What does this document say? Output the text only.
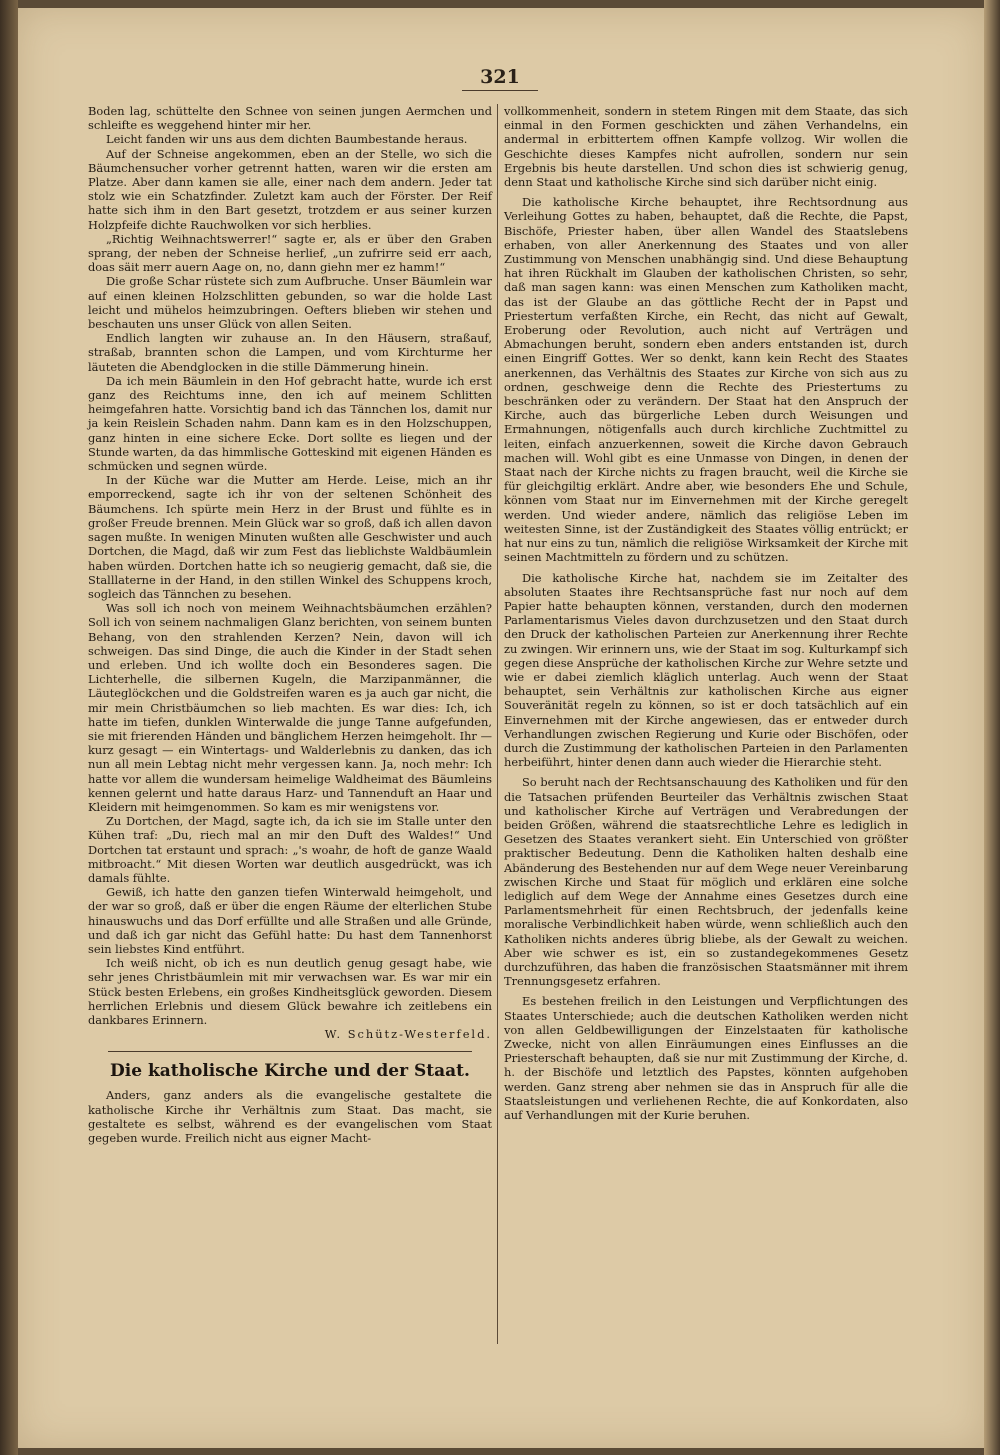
321

Boden lag, schüttelte den Schnee von seinen jungen Aermchen und schleifte es weggehend hinter mir her.

Leicht fanden wir uns aus dem dichten Baumbestande heraus.

Auf der Schneise angekommen, eben an der Stelle, wo sich die Bäumchensucher vorher getrennt hatten, waren wir die ersten am Platze. Aber dann kamen sie alle, einer nach dem andern. Jeder tat stolz wie ein Schatzfinder. Zuletzt kam auch der Förster. Der Reif hatte sich ihm in den Bart gesetzt, trotzdem er aus seiner kurzen Holzpfeife dichte Rauchwolken vor sich herblies.

„Richtig Weihnachtswerrer!“ sagte er, als er über den Graben sprang, der neben der Schneise herlief, „un zufrirre seid err aach, doas säit merr auern Aage on, no, dann giehn mer ez hamm!“

Die große Schar rüstete sich zum Aufbruche. Unser Bäumlein war auf einen kleinen Holzschlitten gebunden, so war die holde Last leicht und mühelos heimzubringen. Oefters blieben wir stehen und beschauten uns unser Glück von allen Seiten.

Endlich langten wir zuhause an. In den Häusern, straßauf, straßab, brannten schon die Lampen, und vom Kirchturme her läuteten die Abendglocken in die stille Dämmerung hinein.

Da ich mein Bäumlein in den Hof gebracht hatte, wurde ich erst ganz des Reichtums inne, den ich auf meinem Schlitten heimgefahren hatte. Vorsichtig band ich das Tännchen los, damit nur ja kein Reislein Schaden nahm. Dann kam es in den Holzschuppen, ganz hinten in eine sichere Ecke. Dort sollte es liegen und der Stunde warten, da das himmlische Gotteskind mit eigenen Händen es schmücken und segnen würde.

In der Küche war die Mutter am Herde. Leise, mich an ihr emporreckend, sagte ich ihr von der seltenen Schönheit des Bäumchens. Ich spürte mein Herz in der Brust und fühlte es in großer Freude brennen. Mein Glück war so groß, daß ich allen davon sagen mußte. In wenigen Minuten wußten alle Geschwister und auch Dortchen, die Magd, daß wir zum Fest das lieblichste Waldbäumlein haben würden. Dortchen hatte ich so neugierig gemacht, daß sie, die Stalllaterne in der Hand, in den stillen Winkel des Schuppens kroch, sogleich das Tännchen zu besehen.

Was soll ich noch von meinem Weihnachtsbäumchen erzählen? Soll ich von seinem nachmaligen Glanz berichten, von seinem bunten Behang, von den strahlenden Kerzen? Nein, davon will ich schweigen. Das sind Dinge, die auch die Kinder in der Stadt sehen und erleben. Und ich wollte doch ein Besonderes sagen. Die Lichterhelle, die silbernen Kugeln, die Marzipanmänner, die Läuteglöckchen und die Goldstreifen waren es ja auch gar nicht, die mir mein Christbäumchen so lieb machten. Es war dies: Ich, ich hatte im tiefen, dunklen Winterwalde die junge Tanne aufgefunden, sie mit frierenden Händen und bänglichem Herzen heimgeholt. Ihr — kurz gesagt — ein Wintertags- und Walderlebnis zu danken, das ich nun all mein Lebtag nicht mehr vergessen kann. Ja, noch mehr: Ich hatte vor allem die wundersam heimelige Waldheimat des Bäumleins kennen gelernt und hatte daraus Harz- und Tannenduft an Haar und Kleidern mit heimgenommen. So kam es mir wenigstens vor.

Zu Dortchen, der Magd, sagte ich, da ich sie im Stalle unter den Kühen traf: „Du, riech mal an mir den Duft des Waldes!“ Und Dortchen tat erstaunt und sprach: „'s woahr, de hoft de ganze Waald mitbroacht.“ Mit diesen Worten war deutlich ausgedrückt, was ich damals fühlte.

Gewiß, ich hatte den ganzen tiefen Winterwald heimgeholt, und der war so groß, daß er über die engen Räume der elterlichen Stube hinauswuchs und das Dorf erfüllte und alle Straßen und alle Gründe, und daß ich gar nicht das Gefühl hatte: Du hast dem Tannenhorst sein liebstes Kind entführt.

Ich weiß nicht, ob ich es nun deutlich genug gesagt habe, wie sehr jenes Christbäumlein mit mir verwachsen war. Es war mir ein Stück besten Erlebens, ein großes Kindheitsglück geworden. Diesem herrlichen Erlebnis und diesem Glück bewahre ich zeitlebens ein dankbares Erinnern.

W. Schütz-Westerfeld.

Die katholische Kirche und der Staat.

Anders, ganz anders als die evangelische gestaltete die katholische Kirche ihr Verhältnis zum Staat. Das macht, sie gestaltete es selbst, während es der evangelischen vom Staat gegeben wurde. Freilich nicht aus eigner Macht-

vollkommenheit, sondern in stetem Ringen mit dem Staate, das sich einmal in den Formen geschickten und zähen Verhandelns, ein andermal in erbittertem offnen Kampfe vollzog. Wir wollen die Geschichte dieses Kampfes nicht aufrollen, sondern nur sein Ergebnis bis heute darstellen. Und schon dies ist schwierig genug, denn Staat und katholische Kirche sind sich darüber nicht einig.

Die katholische Kirche behauptet, ihre Rechtsordnung aus Verleihung Gottes zu haben, behauptet, daß die Rechte, die Papst, Bischöfe, Priester haben, über allen Wandel des Staatslebens erhaben, von aller Anerkennung des Staates und von aller Zustimmung von Menschen unabhängig sind. Und diese Behauptung hat ihren Rückhalt im Glauben der katholischen Christen, so sehr, daß man sagen kann: was einen Menschen zum Katholiken macht, das ist der Glaube an das göttliche Recht der in Papst und Priestertum verfaßten Kirche, ein Recht, das nicht auf Gewalt, Eroberung oder Revolution, auch nicht auf Verträgen und Abmachungen beruht, sondern eben anders entstanden ist, durch einen Eingriff Gottes. Wer so denkt, kann kein Recht des Staates anerkennen, das Verhältnis des Staates zur Kirche von sich aus zu ordnen, geschweige denn die Rechte des Priestertums zu beschränken oder zu verändern. Der Staat hat den Anspruch der Kirche, auch das bürgerliche Leben durch Weisungen und Ermahnungen, nötigenfalls auch durch kirchliche Zuchtmittel zu leiten, einfach anzuerkennen, soweit die Kirche davon Gebrauch machen will. Wohl gibt es eine Unmasse von Dingen, in denen der Staat nach der Kirche nichts zu fragen braucht, weil die Kirche sie für gleichgiltig erklärt. Andre aber, wie besonders Ehe und Schule, können vom Staat nur im Einvernehmen mit der Kirche geregelt werden. Und wieder andere, nämlich das religiöse Leben im weitesten Sinne, ist der Zuständigkeit des Staates völlig entrückt; er hat nur eins zu tun, nämlich die religiöse Wirksamkeit der Kirche mit seinen Machtmitteln zu fördern und zu schützen.

Die katholische Kirche hat, nachdem sie im Zeitalter des absoluten Staates ihre Rechtsansprüche fast nur noch auf dem Papier hatte behaupten können, verstanden, durch den modernen Parlamentarismus Vieles davon durchzusetzen und den Staat durch den Druck der katholischen Parteien zur Anerkennung ihrer Rechte zu zwingen. Wir erinnern uns, wie der Staat im sog. Kulturkampf sich gegen diese Ansprüche der katholischen Kirche zur Wehre setzte und wie er dabei ziemlich kläglich unterlag. Auch wenn der Staat behauptet, sein Verhältnis zur katholischen Kirche aus eigner Souveränität regeln zu können, so ist er doch tatsächlich auf ein Einvernehmen mit der Kirche angewiesen, das er entweder durch Verhandlungen zwischen Regierung und Kurie oder Bischöfen, oder durch die Zustimmung der katholischen Parteien in den Parlamenten herbeiführt, hinter denen dann auch wieder die Hierarchie steht.

So beruht nach der Rechtsanschauung des Katholiken und für den die Tatsachen prüfenden Beurteiler das Verhältnis zwischen Staat und katholischer Kirche auf Verträgen und Verabredungen der beiden Größen, während die staatsrechtliche Lehre es lediglich in Gesetzen des Staates verankert sieht. Ein Unterschied von größter praktischer Bedeutung. Denn die Katholiken halten deshalb eine Abänderung des Bestehenden nur auf dem Wege neuer Vereinbarung zwischen Kirche und Staat für möglich und erklären eine solche lediglich auf dem Wege der Annahme eines Gesetzes durch eine Parlamentsmehrheit für einen Rechtsbruch, der jedenfalls keine moralische Verbindlichkeit haben würde, wenn schließlich auch den Katholiken nichts anderes übrig bliebe, als der Gewalt zu weichen. Aber wie schwer es ist, ein so zustandegekommenes Gesetz durchzuführen, das haben die französischen Staatsmänner mit ihrem Trennungsgesetz erfahren.

Es bestehen freilich in den Leistungen und Verpflichtungen des Staates Unterschiede; auch die deutschen Katholiken werden nicht von allen Geldbewilligungen der Einzelstaaten für katholische Zwecke, nicht von allen Einräumungen eines Einflusses an die Priesterschaft behaupten, daß sie nur mit Zustimmung der Kirche, d. h. der Bischöfe und letztlich des Papstes, könnten aufgehoben werden. Ganz streng aber nehmen sie das in Anspruch für alle die Staatsleistungen und verliehenen Rechte, die auf Konkordaten, also auf Verhandlungen mit der Kurie beruhen.
